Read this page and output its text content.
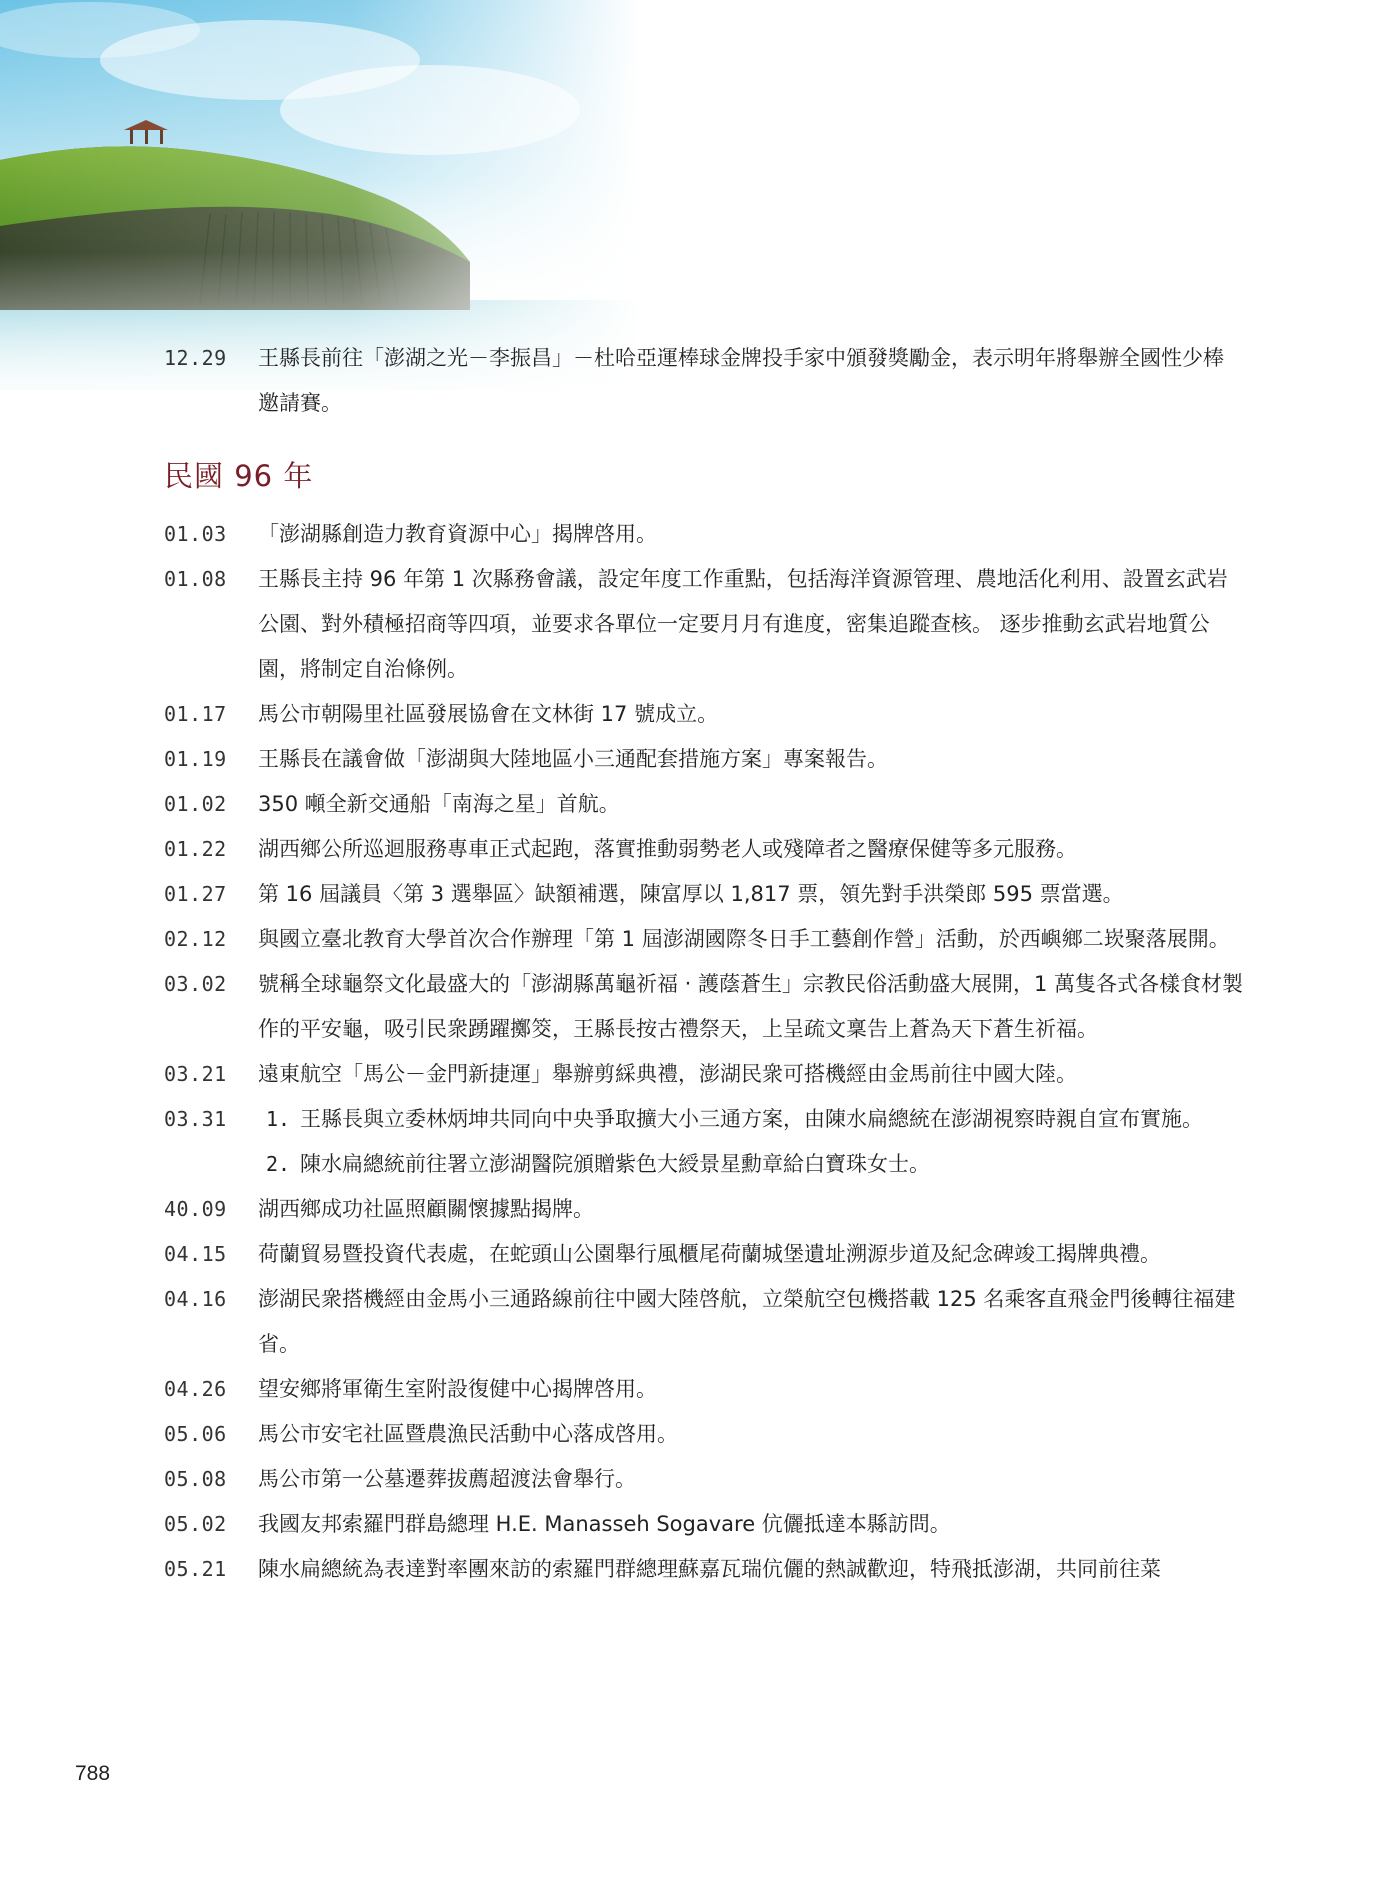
12.29	王縣長前往「澎湖之光－李振昌」－杜哈亞運棒球金牌投手家中頒發獎勵金，表示明年將舉辦全國性少棒邀請賽。
民國 96 年
01.03	「澎湖縣創造力教育資源中心」揭牌啓用。
01.08	王縣長主持 96 年第 1 次縣務會議，設定年度工作重點，包括海洋資源管理、農地活化利用、設置玄武岩公園、對外積極招商等四項，並要求各單位一定要月月有進度，密集追蹤查核。 逐步推動玄武岩地質公園，將制定自治條例。
01.17	馬公市朝陽里社區發展協會在文林街 17 號成立。
01.19	王縣長在議會做「澎湖與大陸地區小三通配套措施方案」專案報告。
01.02	350 噸全新交通船「南海之星」首航。
01.22	湖西鄉公所巡迴服務專車正式起跑，落實推動弱勢老人或殘障者之醫療保健等多元服務。
01.27	第 16 屆議員〈第 3 選舉區〉缺額補選，陳富厚以 1,817 票，領先對手洪榮郎 595 票當選。
02.12	與國立臺北教育大學首次合作辦理「第 1 屆澎湖國際冬日手工藝創作營」活動，於西嶼鄉二崁聚落展開。
03.02	號稱全球龜祭文化最盛大的「澎湖縣萬龜祈福 ‧ 護蔭蒼生」宗教民俗活動盛大展開，1 萬隻各式各樣食材製作的平安龜，吸引民衆踴躍擲筊，王縣長按古禮祭天，上呈疏文稟告上蒼為天下蒼生祈福。
03.21	遠東航空「馬公－金門新捷運」舉辦剪綵典禮，澎湖民衆可搭機經由金馬前往中國大陸。
03.31	1. 王縣長與立委林炳坤共同向中央爭取擴大小三通方案，由陳水扁總統在澎湖視察時親自宣布實施。
2. 陳水扁總統前往署立澎湖醫院頒贈紫色大綬景星勳章給白寶珠女士。
40.09	湖西鄉成功社區照顧關懷據點揭牌。
04.15	荷蘭貿易暨投資代表處，在蛇頭山公園舉行風櫃尾荷蘭城堡遺址溯源步道及紀念碑竣工揭牌典禮。
04.16	澎湖民衆搭機經由金馬小三通路線前往中國大陸啓航，立榮航空包機搭載 125 名乘客直飛金門後轉往福建省。
04.26	望安鄉將軍衛生室附設復健中心揭牌啓用。
05.06	馬公市安宅社區暨農漁民活動中心落成啓用。
05.08	馬公市第一公墓遷葬拔薦超渡法會舉行。
05.02	我國友邦索羅門群島總理 H.E. Manasseh Sogavare 伉儷抵達本縣訪問。
05.21	陳水扁總統為表達對率團來訪的索羅門群總理蘇嘉瓦瑞伉儷的熱誠歡迎，特飛抵澎湖，共同前往菜
788
